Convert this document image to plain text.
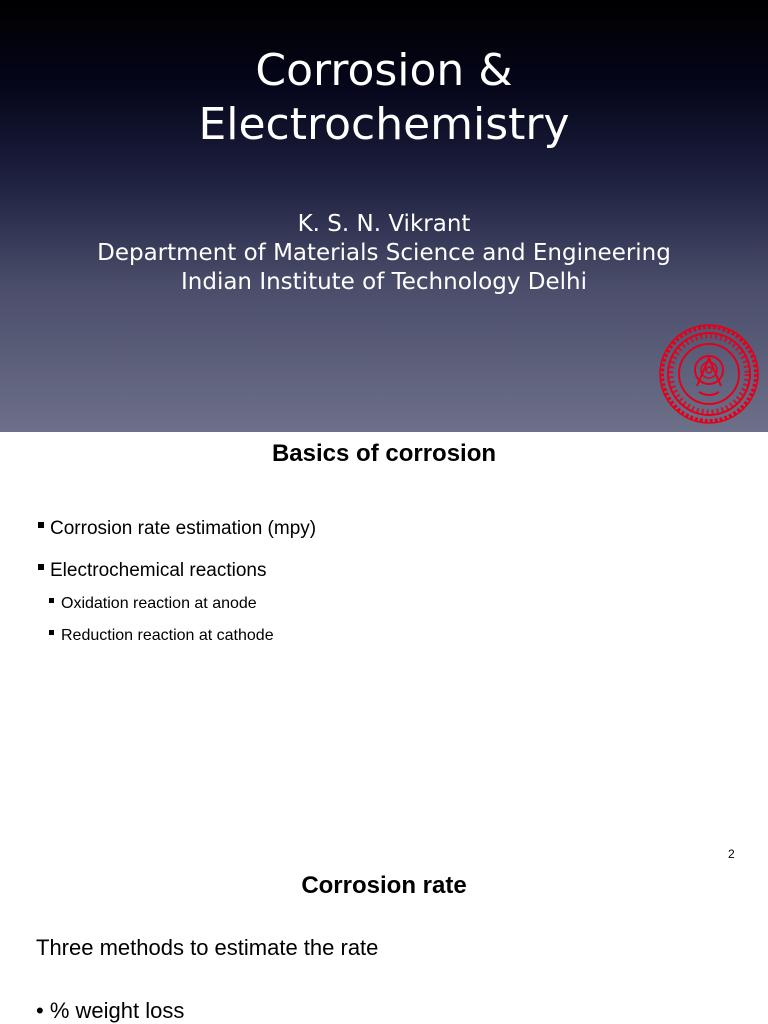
Corrosion &
Electrochemistry
K. S. N. Vikrant
Department of Materials Science and Engineering
Indian Institute of Technology Delhi
Basics of corrosion
Corrosion rate estimation (mpy)
Electrochemical reactions
Oxidation reaction at anode
Reduction reaction at cathode
2
Corrosion rate
Three methods to estimate the rate
• % weight loss
